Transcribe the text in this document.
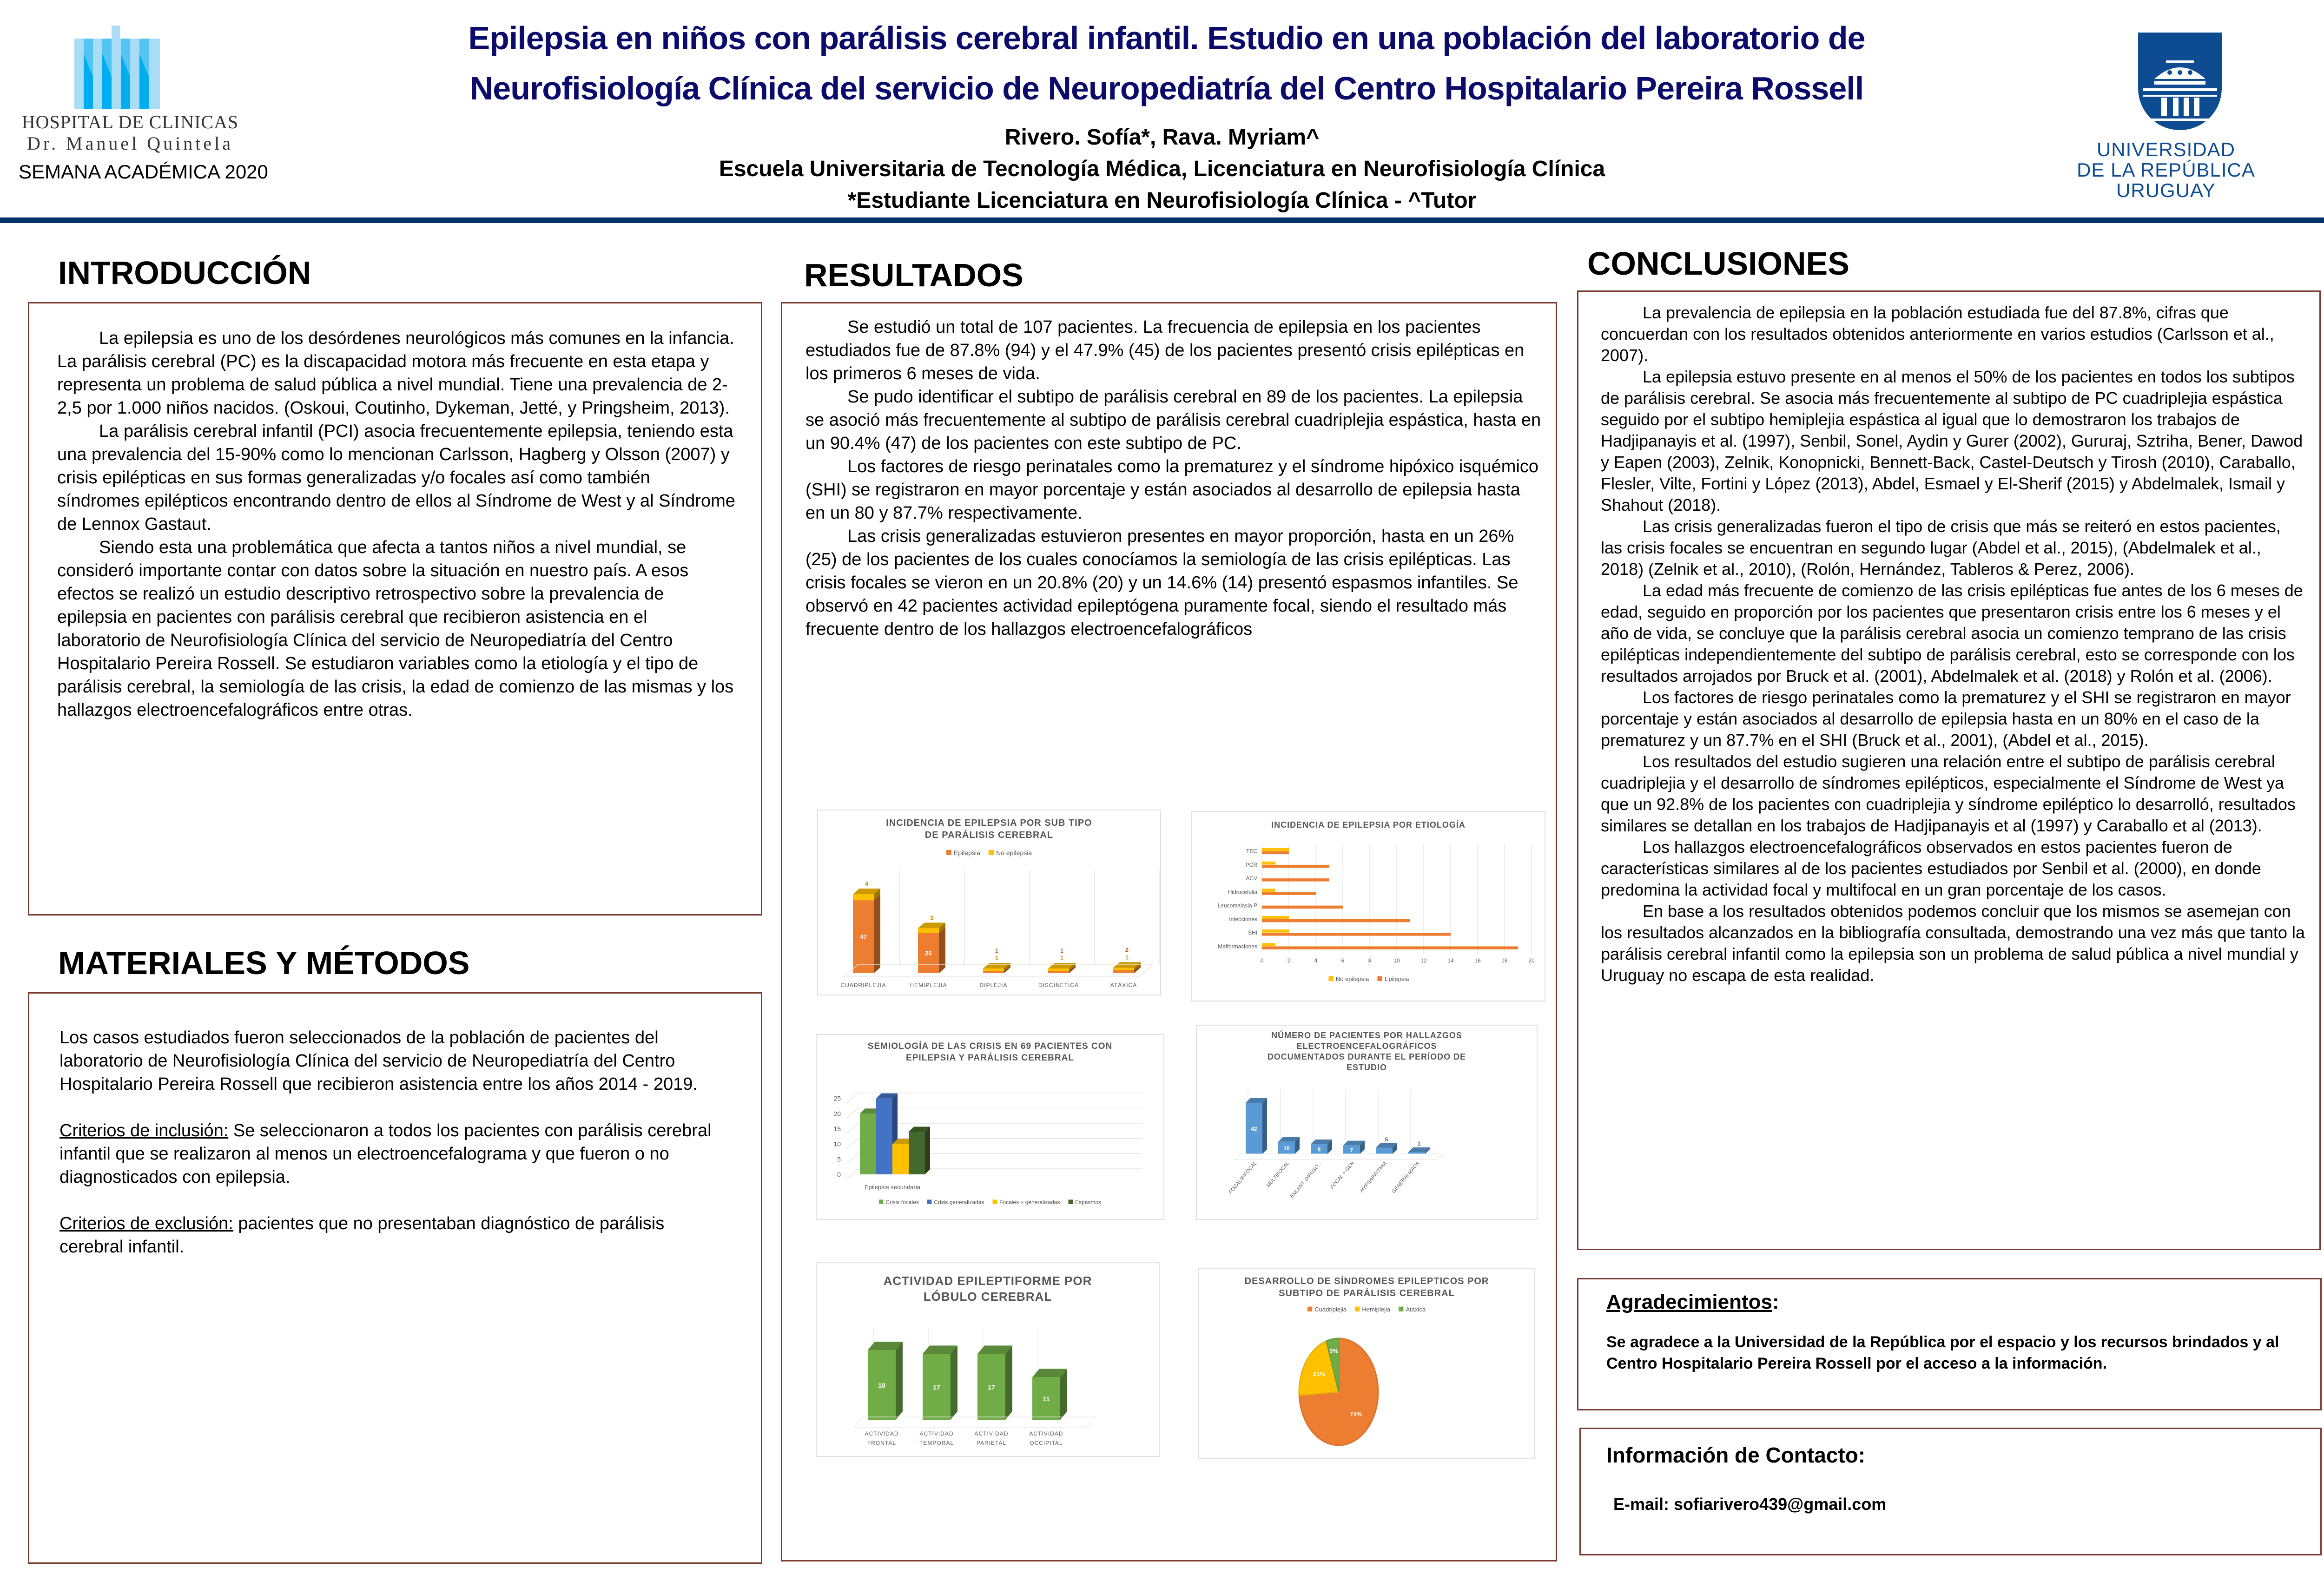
HOSPITAL DE CLINICAS
Dr. Manuel Quintela
SEMANA ACADÉMICA 2020
Epilepsia en niños con parálisis cerebral infantil. Estudio en una población del laboratorio de
Neurofisiología Clínica del servicio de Neuropediatría del Centro Hospitalario Pereira Rossell
Rivero. Sofía*, Rava. Myriam^
Escuela Universitaria de Tecnología Médica, Licenciatura en Neurofisiología Clínica
*Estudiante Licenciatura en Neurofisiología Clínica - ^Tutor
UNIVERSIDAD
DE LA REPÚBLICA
URUGUAY
INTRODUCCIÓN

La epilepsia es uno de los desórdenes neurológicos más comunes en la infancia. La parálisis cerebral (PC) es la discapacidad motora más frecuente en esta etapa y representa un problema de salud pública a nivel mundial. Tiene una prevalencia de 2-2,5 por 1.000 niños nacidos. (Oskoui, Coutinho, Dykeman, Jetté, y Pringsheim, 2013).

La parálisis cerebral infantil (PCI) asocia frecuentemente epilepsia, teniendo esta una prevalencia del 15-90% como lo mencionan Carlsson, Hagberg y Olsson (2007) y crisis epilépticas en sus formas generalizadas y/o focales así como también síndromes epilépticos encontrando dentro de ellos al Síndrome de West y al Síndrome de Lennox Gastaut.

Siendo esta una problemática que afecta a tantos niños a nivel mundial, se consideró importante contar con datos sobre la situación en nuestro país. A esos efectos se realizó un estudio descriptivo retrospectivo sobre la prevalencia de epilepsia en pacientes con parálisis cerebral que recibieron asistencia en el laboratorio de Neurofisiología Clínica del servicio de Neuropediatría del Centro Hospitalario Pereira Rossell. Se estudiaron variables como la etiología y el tipo de parálisis cerebral, la semiología de las crisis, la edad de comienzo de las mismas y los hallazgos electroencefalográficos entre otras.

MATERIALES Y MÉTODOS

Los casos estudiados fueron seleccionados de la población de pacientes del laboratorio de Neurofisiología Clínica del servicio de Neuropediatría del Centro Hospitalario Pereira Rossell que recibieron asistencia entre los años 2014 - 2019.

Criterios de inclusión: Se seleccionaron a todos los pacientes con parálisis cerebral infantil que se realizaron al menos un electroencefalograma y que fueron o no diagnosticados con epilepsia.

Criterios de exclusión: pacientes que no presentaban diagnóstico de parálisis cerebral infantil.

RESULTADOS

Se estudió un total de 107 pacientes. La frecuencia de epilepsia en los pacientes estudiados fue de 87.8% (94) y el 47.9% (45) de los pacientes presentó crisis epilépticas en los primeros 6 meses de vida.

Se pudo identificar el subtipo de parálisis cerebral en 89 de los pacientes. La epilepsia se asoció más frecuentemente al subtipo de parálisis cerebral cuadriplejia espástica, hasta en un 90.4% (47) de los pacientes con este subtipo de PC.

Los factores de riesgo perinatales como la prematurez y el síndrome hipóxico isquémico (SHI) se registraron en mayor porcentaje y están asociados al desarrollo de epilepsia hasta en un 80 y 87.7% respectivamente.

Las crisis generalizadas estuvieron presentes en mayor proporción, hasta en un 26% (25) de los pacientes de los cuales conocíamos la semiología de las crisis epilépticas. Las crisis focales se vieron en un 20.8% (20) y un 14.6% (14) presentó espasmos infantiles. Se observó en 42 pacientes actividad epileptógena puramente focal, siendo el resultado más frecuente dentro de los hallazgos electroencefalográficos

INCIDENCIA DE EPILEPSIA POR SUB TIPO
DE PARÁLISIS CEREBRAL
Epilepsia No epilepsia
47
4
CUADRIPLEJIA
26
3
HEMIPLEJIA
1
1
DIPLEJIA
1
1
DISCINETICA
2
1
ATÁXICA
INCIDENCIA DE EPILEPSIA POR ETIOLOGÍA
0	2	4	6	8	10	12	14	16	18	20
TEC
PCR
ACV
Hidrocefalia
Leucomalasia P
Infecciones
SHI
Malformaciones
No epilepsia	Epilepsia
SEMIOLOGÍA DE LAS CRISIS EN 69 PACIENTES CON
EPILEPSIA Y PARÁLISIS CEREBRAL
0
5
10
15
20
25
Epilepsia secundaria
Crisis focales	Crisis generalizadas	Focales + generalizadas	Espasmos
NÚMERO DE PACIENTES POR HALLAZGOS
ELECTROENCEFALOGRÁFICOS
DOCUMENTADOS DURANTE EL PERÍODO DE
ESTUDIO
42
FOCAL/BIFOCAL
10
MULTIFOCAL
8
ENLENT. DIFUSO...
7
FOCAL + GEN
5
HYPSARRITMIA
1
GENERALIZADA
ACTIVIDAD EPILEPTIFORME POR
LÓBULO CEREBRAL
18
ACTIVIDAD
FRONTAL
17
ACTIVIDAD
TEMPORAL
17
ACTIVIDAD
PARIETAL
11
ACTIVIDAD
OCCIPITAL
DESARROLLO DE SÍNDROMES EPILEPTICOS POR
SUBTIPO DE PARÁLISIS CEREBRAL
Cuadriplejia	Hemiplejia	Ataxica
74%
21%
5%
CONCLUSIONES

La prevalencia de epilepsia en la población estudiada fue del 87.8%, cifras que concuerdan con los resultados obtenidos anteriormente en varios estudios (Carlsson et al., 2007).

La epilepsia estuvo presente en al menos el 50% de los pacientes en todos los subtipos de parálisis cerebral. Se asocia más frecuentemente al subtipo de PC cuadriplejia espástica seguido por el subtipo hemiplejia espástica al igual que lo demostraron los trabajos de Hadjipanayis et al. (1997), Senbil, Sonel, Aydin y Gurer (2002), Gururaj, Sztriha, Bener, Dawod y Eapen (2003), Zelnik, Konopnicki, Bennett-Back, Castel-Deutsch y Tirosh (2010), Caraballo, Flesler, Vilte, Fortini y López (2013), Abdel, Esmael y El-Sherif (2015) y Abdelmalek, Ismail y Shahout (2018).

Las crisis generalizadas fueron el tipo de crisis que más se reiteró en estos pacientes, las crisis focales se encuentran en segundo lugar (Abdel et al., 2015), (Abdelmalek et al., 2018) (Zelnik et al., 2010), (Rolón, Hernández, Tableros & Perez, 2006).

La edad más frecuente de comienzo de las crisis epilépticas fue antes de los 6 meses de edad, seguido en proporción por los pacientes que presentaron crisis entre los 6 meses y el año de vida, se concluye que la parálisis cerebral asocia un comienzo temprano de las crisis epilépticas independientemente del subtipo de parálisis cerebral, esto se corresponde con los resultados arrojados por Bruck et al. (2001), Abdelmalek et al. (2018) y Rolón et al. (2006).

Los factores de riesgo perinatales como la prematurez y el SHI se registraron en mayor porcentaje y están asociados al desarrollo de epilepsia hasta en un 80% en el caso de la prematurez y un 87.7% en el SHI (Bruck et al., 2001), (Abdel et al., 2015).

Los resultados del estudio sugieren una relación entre el subtipo de parálisis cerebral cuadriplejia y el desarrollo de síndromes epilépticos, especialmente el Síndrome de West ya que un 92.8% de los pacientes con cuadriplejia y síndrome epiléptico lo desarrolló, resultados similares se detallan en los trabajos de Hadjipanayis et al (1997) y Caraballo et al (2013).

Los hallazgos electroencefalográficos observados en estos pacientes fueron de características similares al de los pacientes estudiados por Senbil et al. (2000), en donde predomina la actividad focal y multifocal en un gran porcentaje de los casos.

En base a los resultados obtenidos podemos concluir que los mismos se asemejan con los resultados alcanzados en la bibliografía consultada, demostrando una vez más que tanto la parálisis cerebral infantil como la epilepsia son un problema de salud pública a nivel mundial y Uruguay no escapa de esta realidad.

Agradecimientos:
Se agradece a la Universidad de la República por el espacio y los recursos brindados y al Centro Hospitalario Pereira Rossell por el acceso a la información.
Información de Contacto:
E-mail: sofiarivero439@gmail.com
